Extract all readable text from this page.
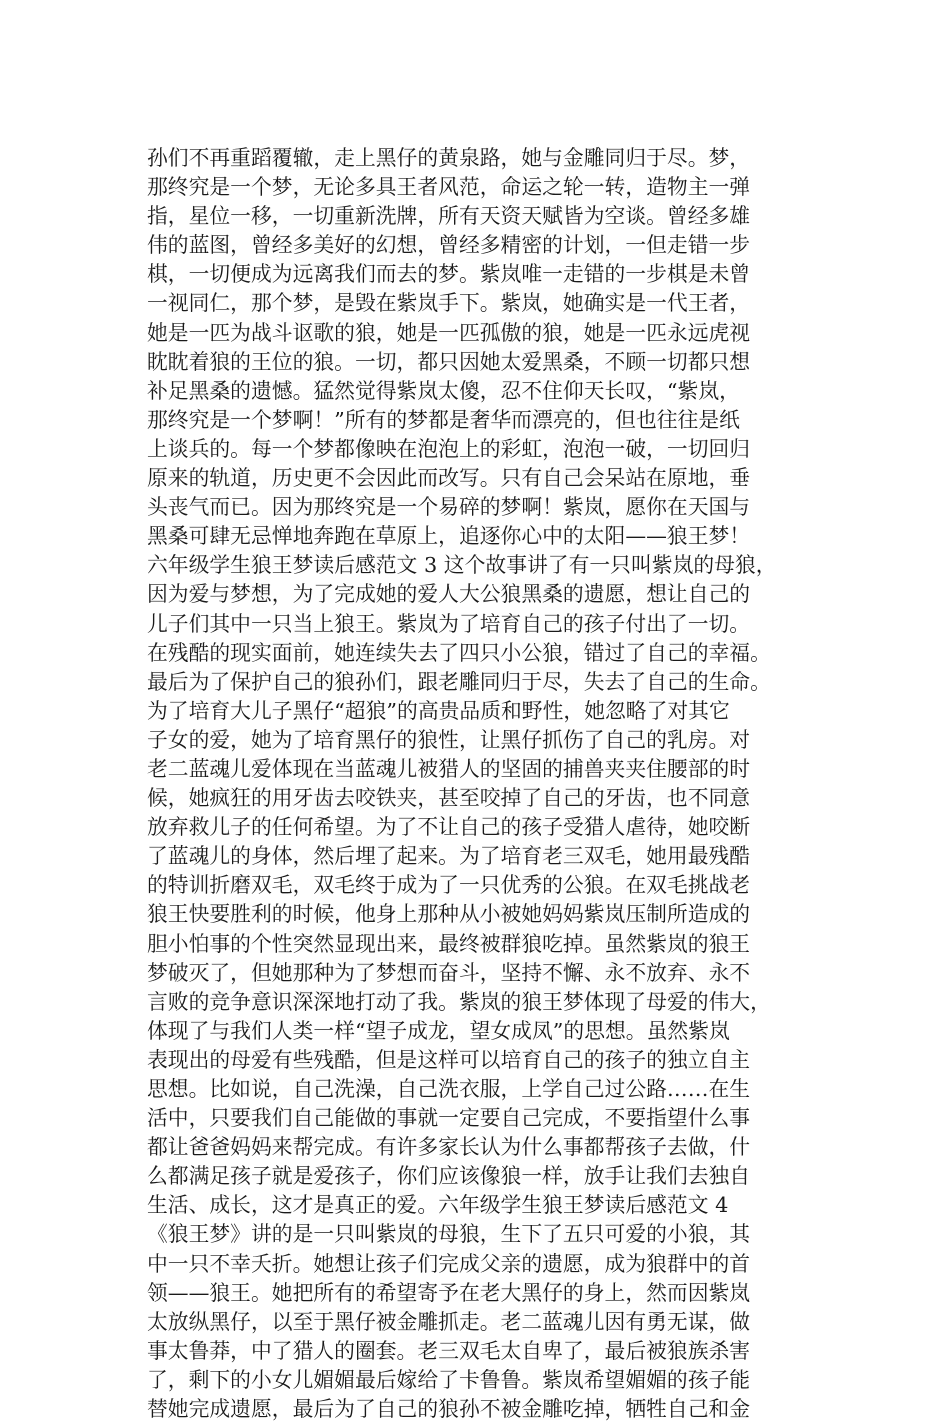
孙们不再重蹈覆辙，走上黑仔的黄泉路，她与金雕同归于尽。梦，
那终究是一个梦，无论多具王者风范，命运之轮一转，造物主一弹
指，星位一移，一切重新洗牌，所有天资天赋皆为空谈。曾经多雄
伟的蓝图，曾经多美好的幻想，曾经多精密的计划，一但走错一步
棋，一切便成为远离我们而去的梦。紫岚唯一走错的一步棋是未曾
一视同仁，那个梦，是毁在紫岚手下。紫岚，她确实是一代王者，
她是一匹为战斗讴歌的狼，她是一匹孤傲的狼，她是一匹永远虎视
眈眈着狼的王位的狼。一切，都只因她太爱黑桑，不顾一切都只想
补足黑桑的遗憾。猛然觉得紫岚太傻，忍不住仰天长叹，“紫岚，
那终究是一个梦啊！”所有的梦都是奢华而漂亮的，但也往往是纸
上谈兵的。每一个梦都像映在泡泡上的彩虹，泡泡一破，一切回归
原来的轨道，历史更不会因此而改写。只有自己会呆站在原地，垂
头丧气而已。因为那终究是一个易碎的梦啊！紫岚，愿你在天国与
黑桑可肆无忌惮地奔跑在草原上，追逐你心中的太阳——狼王梦！
六年级学生狼王梦读后感范文 3 这个故事讲了有一只叫紫岚的母狼，
因为爱与梦想，为了完成她的爱人大公狼黑桑的遗愿，想让自己的
儿子们其中一只当上狼王。紫岚为了培育自己的孩子付出了一切。
在残酷的现实面前，她连续失去了四只小公狼，错过了自己的幸福。
最后为了保护自己的狼孙们，跟老雕同归于尽，失去了自己的生命。
为了培育大儿子黑仔“超狼”的高贵品质和野性，她忽略了对其它
子女的爱，她为了培育黑仔的狼性，让黑仔抓伤了自己的乳房。对
老二蓝魂儿爱体现在当蓝魂儿被猎人的坚固的捕兽夹夹住腰部的时
候，她疯狂的用牙齿去咬铁夹，甚至咬掉了自己的牙齿，也不同意
放弃救儿子的任何希望。为了不让自己的孩子受猎人虐待，她咬断
了蓝魂儿的身体，然后埋了起来。为了培育老三双毛，她用最残酷
的特训折磨双毛，双毛终于成为了一只优秀的公狼。在双毛挑战老
狼王快要胜利的时候，他身上那种从小被她妈妈紫岚压制所造成的
胆小怕事的个性突然显现出来，最终被群狼吃掉。虽然紫岚的狼王
梦破灭了，但她那种为了梦想而奋斗，坚持不懈、永不放弃、永不
言败的竞争意识深深地打动了我。紫岚的狼王梦体现了母爱的伟大，
体现了与我们人类一样“望子成龙，望女成凤”的思想。虽然紫岚
表现出的母爱有些残酷，但是这样可以培育自己的孩子的独立自主
思想。比如说，自己洗澡，自己洗衣服，上学自己过公路……在生
活中，只要我们自己能做的事就一定要自己完成，不要指望什么事
都让爸爸妈妈来帮完成。有许多家长认为什么事都帮孩子去做，什
么都满足孩子就是爱孩子，你们应该像狼一样，放手让我们去独自
生活、成长，这才是真正的爱。六年级学生狼王梦读后感范文 4
《狼王梦》讲的是一只叫紫岚的母狼，生下了五只可爱的小狼，其
中一只不幸夭折。她想让孩子们完成父亲的遗愿，成为狼群中的首
领——狼王。她把所有的希望寄予在老大黑仔的身上，然而因紫岚
太放纵黑仔，以至于黑仔被金雕抓走。老二蓝魂儿因有勇无谋，做
事太鲁莽，中了猎人的圈套。老三双毛太自卑了，最后被狼族杀害
了，剩下的小女儿媚媚最后嫁给了卡鲁鲁。紫岚希望媚媚的孩子能
替她完成遗愿，最后为了自己的狼孙不被金雕吃掉，牺牲自己和金
